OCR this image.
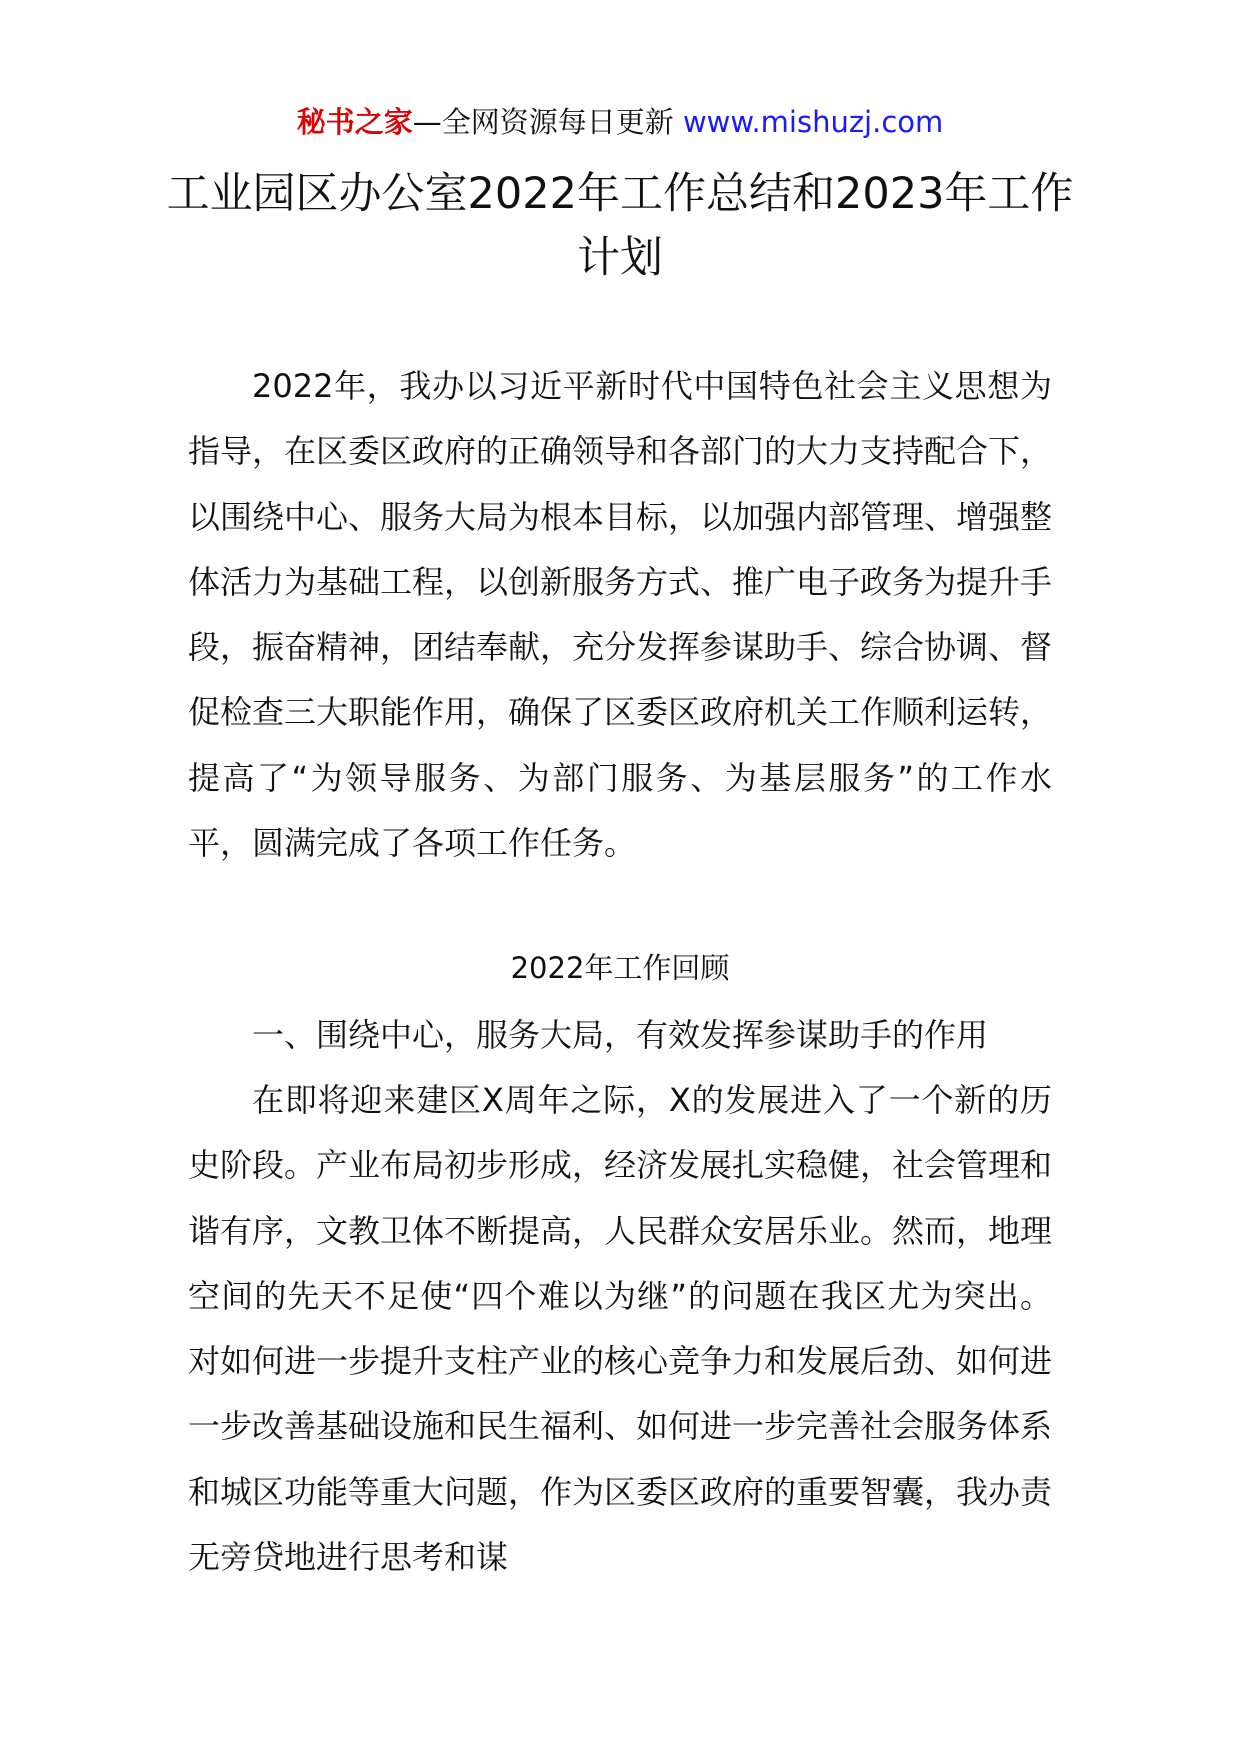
秘书之家—全网资源每日更新 www.mishuzj.com
工业园区办公室2022年工作总结和2023年工作计划

2022年，我办以习近平新时代中国特色社会主义思想为指导，在区委区政府的正确领导和各部门的大力支持配合下，以围绕中心、服务大局为根本目标，以加强内部管理、增强整体活力为基础工程，以创新服务方式、推广电子政务为提升手段，振奋精神，团结奉献，充分发挥参谋助手、综合协调、督促检查三大职能作用，确保了区委区政府机关工作顺利运转，提高了“为领导服务、为部门服务、为基层服务”的工作水平，圆满完成了各项工作任务。

2022年工作回顾
一、围绕中心，服务大局，有效发挥参谋助手的作用

在即将迎来建区X周年之际，X的发展进入了一个新的历史阶段。产业布局初步形成，经济发展扎实稳健，社会管理和谐有序，文教卫体不断提高，人民群众安居乐业。然而，地理空间的先天不足使“四个难以为继”的问题在我区尤为突出。对如何进一步提升支柱产业的核心竞争力和发展后劲、如何进一步改善基础设施和民生福利、如何进一步完善社会服务体系和城区功能等重大问题，作为区委区政府的重要智囊，我办责无旁贷地进行思考和谋
